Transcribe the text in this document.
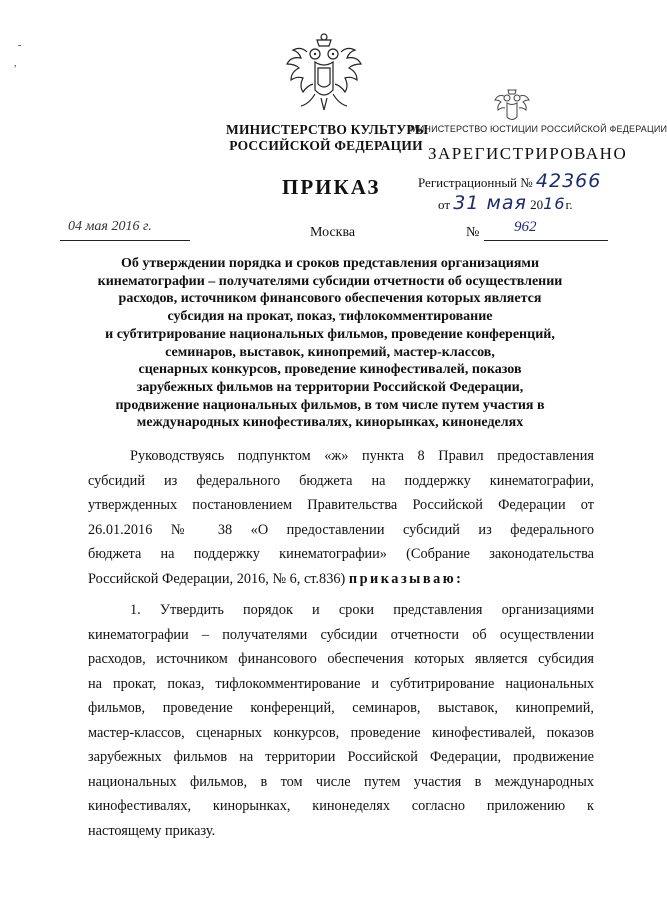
-
,
МИНИСТЕРСТВО КУЛЬТУРЫ
РОССИЙСКОЙ ФЕДЕРАЦИИ
МИНИСТЕРСТВО ЮСТИЦИИ РОССИЙСКОЙ ФЕДЕРАЦИИ
ЗАРЕГИСТРИРОВАНО
Регистрационный № 42366
от 31 мая 2016г.
ПРИКАЗ
04 мая 2016 г.	Москва	№ 962
Об утверждении порядка и сроков представления организациями
кинематографии – получателями субсидии отчетности об осуществлении
расходов, источником финансового обеспечения которых является
субсидия на прокат, показ, тифлокомментирование
и субтитрирование национальных фильмов, проведение конференций,
семинаров, выставок, кинопремий, мастер-классов,
сценарных конкурсов, проведение кинофестивалей, показов
зарубежных фильмов на территории Российской Федерации,
продвижение национальных фильмов, в том числе путем участия в
международных кинофестивалях, кинорынках, кинонеделях
Руководствуясь подпунктом «ж» пункта 8 Правил предоставления
субсидий из федерального бюджета на поддержку кинематографии,
утвержденных постановлением Правительства Российской Федерации от
26.01.2016 № 38 «О предоставлении субсидий из федерального
бюджета на поддержку кинематографии» (Собрание законодательства
Российской Федерации, 2016, № 6, ст.836) приказываю:
1. Утвердить порядок и сроки представления организациями
кинематографии – получателями субсидии отчетности об осуществлении
расходов, источником финансового обеспечения которых является субсидия
на прокат, показ, тифлокомментирование и субтитрирование национальных
фильмов, проведение конференций, семинаров, выставок, кинопремий,
мастер-классов, сценарных конкурсов, проведение кинофестивалей, показов
зарубежных фильмов на территории Российской Федерации, продвижение
национальных фильмов, в том числе путем участия в международных
кинофестивалях, кинорынках, кинонеделях согласно приложению к
настоящему приказу.
